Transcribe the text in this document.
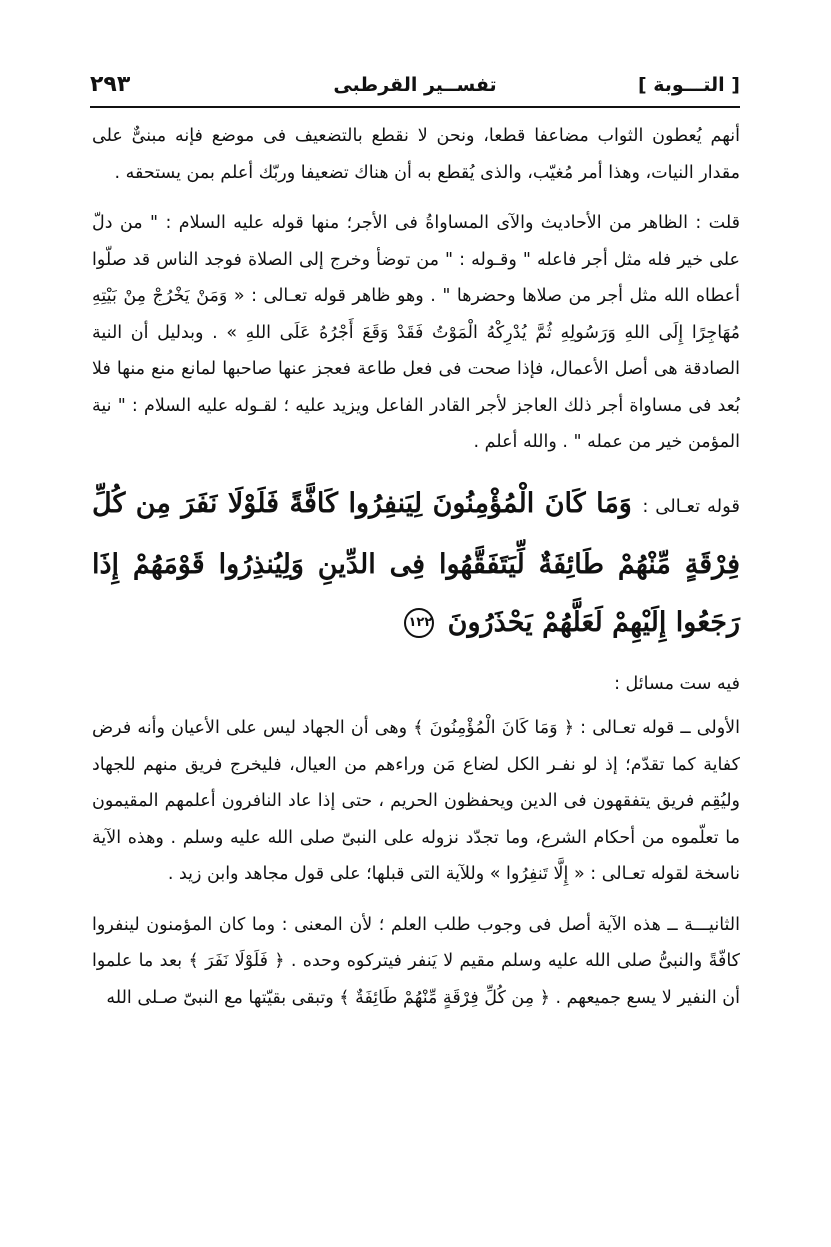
[ التـــوبة ]
تفســير القرطبى
٢٩٣

أنهم يُعطون الثواب مضاعفا قطعا، ونحن لا نقطع بالتضعيف فى موضع فإنه مبنىٌّ على مقدار النيات، وهذا أمر مُغيّب، والذى يُقطع به أن هناك تضعيفا وربّك أعلم بمن يستحقه .

قلت : الظاهر من الأحاديث والآى المساواةُ فى الأجر؛ منها قوله عليه السلام : " من دلّ على خير فله مثل أجر فاعله " وقـوله : " من توضأ وخرج إلى الصلاة فوجد الناس قد صلّوا أعطاه الله مثل أجر من صلاها وحضرها " . وهو ظاهر قوله تعـالى : « وَمَنْ يَخْرُجْ مِنْ بَيْتِهِ مُهَاجِرًا إِلَى اللهِ وَرَسُولِهِ ثُمَّ يُدْرِكْهُ الْمَوْتُ فَقَدْ وَقَعَ أَجْرُهُ عَلَى اللهِ » . وبدليل أن النية الصادقة هى أصل الأعمال، فإذا صحت فى فعل طاعة فعجز عنها صاحبها لمانع منع منها فلا بُعد فى مساواة أجر ذلك العاجز لأجر القادر الفاعل ويزيد عليه ؛ لقـوله عليه السلام : " نية المؤمن خير من عمله " . والله أعلم .

قوله تعـالى : وَمَا كَانَ الْمُؤْمِنُونَ لِيَنفِرُوا كَافَّةً فَلَوْلَا نَفَرَ مِن كُلِّ فِرْقَةٍ مِّنْهُمْ طَائِفَةٌ لِّيَتَفَقَّهُوا فِى الدِّينِ وَلِيُنذِرُوا قَوْمَهُمْ إِذَا رَجَعُوا إِلَيْهِمْ لَعَلَّهُمْ يَحْذَرُونَ ١٢٢
فيه ست مسائل :

الأولى ــ قوله تعـالى : ﴿ وَمَا كَانَ الْمُؤْمِنُونَ ﴾ وهى أن الجهاد ليس على الأعيان وأنه فرض كفاية كما تقدّم؛ إذ لو نفـر الكل لضاع مَن وراءهم من العيال، فليخرج فريق منهم للجهاد وليُقِم فريق يتفقهون فى الدين ويحفظون الحريم ، حتى إذا عاد النافرون أعلمهم المقيمون ما تعلّموه من أحكام الشرع، وما تجدّد نزوله على النبىّ صلى الله عليه وسلم . وهذه الآية ناسخة لقوله تعـالى : « إِلَّا تَنفِرُوا » وللآية التى قبلها؛ على قول مجاهد وابن زيد .

الثانيـــة ــ هذه الآية أصل فى وجوب طلب العلم ؛ لأن المعنى : وما كان المؤمنون لينفروا كافّةً والنبىُّ صلى الله عليه وسلم مقيم لا يَنفر فيتركوه وحده . ﴿ فَلَوْلَا نَفَرَ ﴾ بعد ما علموا أن النفير لا يسع جميعهم . ﴿ مِن كُلِّ فِرْقَةٍ مِّنْهُمْ طَائِفَةٌ ﴾ وتبقى بقيّتها مع النبىّ صـلى الله
